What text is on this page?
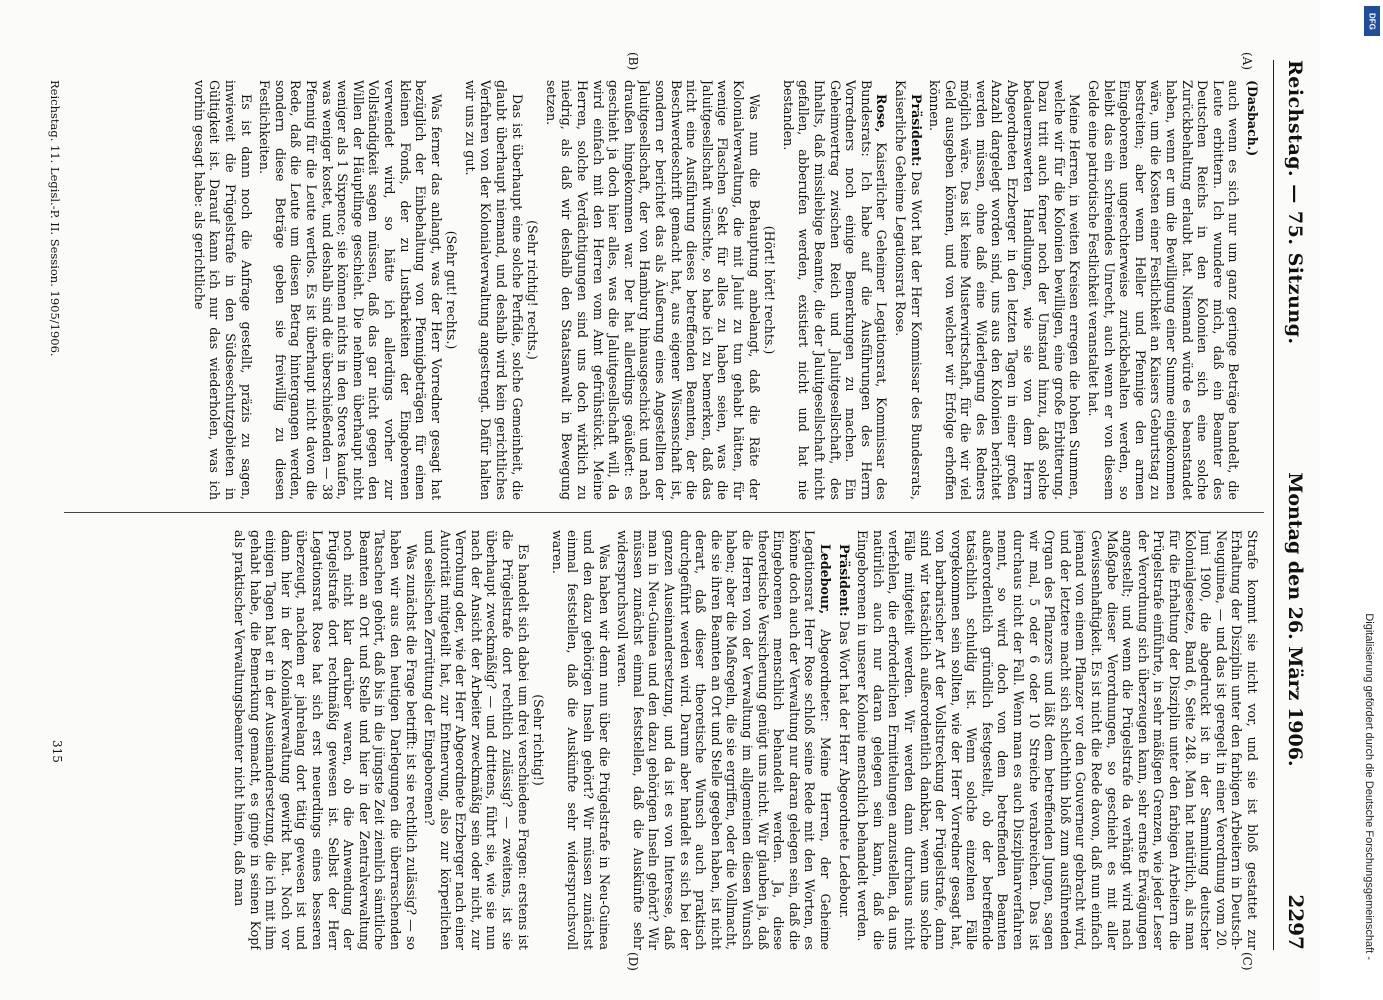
Reichstag. — 75. Sitzung.
Montag den 26. März 1906.
2297
(A)
(B)
(C)
(D)

(Dasbach.)

auch wenn es sich nur um ganz geringe Beträge handelt, die Leute erbittern. Ich wundere mich, daß ein Beamter des Deutschen Reichs in den Kolonien sich eine solche Zurückbehaltung erlaubt hat. Niemand würde es beanstandet haben, wenn er um die Bewilligung einer Summe eingekommen wäre, um die Kosten einer Festlichkeit an Kaisers Geburtstag zu bestreiten; aber wenn Heller und Pfennige den armen Eingeborenen ungerechterweise zurückbehalten werden, so bleibt das ein schreiendes Unrecht, auch wenn er von diesem Gelde eine patriotische Festlichkeit veranstaltet hat.

Meine Herren, in weiten Kreisen erregen die hohen Summen, welche wir für die Kolonien bewilligen, eine große Erbitterung. Dazu tritt auch ferner noch der Umstand hinzu, daß solche bedauernswerten Handlungen, wie sie von dem Herrn Abgeordneten Erzberger in den letzten Tagen in einer großen Anzahl dargelegt worden sind, uns aus den Kolonien berichtet werden müssen, ohne daß eine Widerlegung des Redners möglich wäre. Das ist keine Musterwirtschaft, für die wir viel Geld ausgeben können, und von welcher wir Erfolge erhoffen können.

Präsident: Das Wort hat der Herr Kommissar des Bundesrats, Kaiserliche Geheime Legationsrat Rose.

Rose, Kaiserlicher Geheimer Legationsrat, Kommissar des Bundesrats: Ich habe auf die Ausführungen des Herrn Vorredners noch einige Bemerkungen zu machen. Ein Geheimvertrag zwischen Reich und Jaluitgesellschaft, des Inhalts, daß missliebige Beamte, die der Jaluitgesellschaft nicht gefallen, abberufen werden, existiert nicht und hat nie bestanden.

(Hört! hört! rechts.)

Was nun die Behauptung anbelangt, daß die Räte der Kolonialverwaltung, die mit Jaluit zu tun gehabt hätten, für wenige Flaschen Sekt für alles zu haben seien, was die Jaluitgesellschaft wünschte, so habe ich zu bemerken, daß das nicht eine Ausführung dieses betreffenden Beamten, der die Beschwerdeschrift gemacht hat, aus eigener Wissenschaft ist, sondern er berichtet das als Äußerung eines Angestellten der Jaluitgesellschaft, der von Hamburg hinausgeschickt und nach draußen hingekommen war. Der hat allerdings geäußert: es geschieht ja doch hier alles, was die Jaluitgesellschaft will, da wird einfach mit den Herren vom Amt gefrühstückt. Meine Herren, solche Verdächtigungen sind uns doch wirklich zu niedrig, als daß wir deshalb den Staatsanwalt in Bewegung setzen.

(Sehr richtig! rechts.)

Das ist überhaupt eine solche Perfidie, solche Gemeinheit, die glaubt überhaupt niemand, und deshalb wird kein gerichtliches Verfahren von der Kolonialverwaltung angestrengt. Dafür halten wir uns zu gut.

(Sehr gut! rechts.)

Was ferner das anlangt, was der Herr Vorredner gesagt hat bezüglich der Einbehaltung von Pfennigbeträgen für einen kleinen Fonds, der zu Lustbarkeiten der Eingeborenen verwendet wird, so hätte ich allerdings vorher zur Vollständigkeit sagen müssen, daß das gar nicht gegen den Willen der Häuptlinge geschieht. Die nehmen überhaupt nicht weniger als 1 Sixpence; sie können nichts in den Stores kaufen, was weniger kostet, und deshalb sind die überschießenden — 38 Pfennig für die Leute wertlos. Es ist überhaupt nicht davon die Rede, daß die Leute um diesen Betrag hintergangen werden, sondern diese Beträge geben sie freiwillig zu diesen Festlichkeiten.

Es ist dann noch die Anfrage gestellt, präzis zu sagen, inwieweit die Prügelstrafe in den Südseeschutzgebieten in Gültigkeit ist. Darauf kann ich nur das wiederholen, was ich vorhin gesagt habe: als gerichtliche

Strafe kommt sie nicht vor, und sie ist bloß gestattet zur Erhaltung der Disziplin unter den farbigen Arbeitern in Deutsch-Neuguinea, — und das ist geregelt in einer Verordnung vom 20. Juni 1900, die abgedruckt ist in der Sammlung deutscher Kolonialgesetze, Band 6, Seite 248. Man hat natürlich, als man für die Erhaltung der Disziplin unter den farbigen Arbeitern die Prügelstrafe einführte, in sehr mäßigen Grenzen, wie jeder Leser der Verordnung sich überzeugen kann, sehr ernste Erwägungen angestellt; und wenn die Prügelstrafe da verhängt wird nach Maßgabe dieser Verordnungen, so geschieht es mit aller Gewissenhaftigkeit. Es ist nicht die Rede davon, daß nun einfach jemand von einem Pflanzer vor den Gouverneur gebracht wird, und der letztere macht sich schlechthin bloß zum ausführenden Organ des Pflanzers und läßt dem betreffenden Jungen, sagen wir mal, 5 oder 6 oder 10 Streiche verabreichen. Das ist durchaus nicht der Fall. Wenn man es auch Disziplinarverfahren nennt, so wird doch von dem betreffenden Beamten außerordentlich gründlich festgestellt, ob der betreffende tatsächlich schuldig ist. Wenn solche einzelnen Fälle vorgekommen sein sollten, wie der Herr Vorredner gesagt hat, von barbarischer Art der Vollstreckung der Prügelstrafe, dann sind wir tatsächlich außerordentlich dankbar, wenn uns solche Fälle mitgeteilt werden. Wir werden dann durchaus nicht verfehlen, die erforderlichen Ermittelungen anzustellen, da uns natürlich auch nur daran gelegen sein kann, daß die Eingeborenen in unserer Kolonie menschlich behandelt werden.

Präsident: Das Wort hat der Herr Abgeordnete Ledebour.

Ledebour, Abgeordneter: Meine Herren, der Geheime Legationsrat Herr Rose schloß seine Rede mit den Worten, es könne doch auch der Verwaltung nur daran gelegen sein, daß die Eingeborenen menschlich behandelt werden. Ja, diese theoretische Versicherung genügt uns nicht. Wir glauben ja, daß die Herren von der Verwaltung im allgemeinen diesen Wunsch haben; aber die Maßregeln, die sie ergriffen, oder die Vollmacht, die sie ihren Beamten an Ort und Stelle gegeben haben, ist nicht derart, daß dieser theoretische Wunsch auch praktisch durchgeführt werden wird. Darum aber handelt es sich bei der ganzen Auseinandersetzung, und da ist es von Interesse, daß man in Neu-Guinea und den dazu gehörigen Inseln gehört? Wir müssen zunächst einmal feststellen, daß die Auskünfte sehr widerspruchsvoll waren.

Was haben wir denn nun über die Prügelstrafe in Neu-Guinea und den dazu gehörigen Inseln gehört? Wir müssen zunächst einmal feststellen, daß die Auskünfte sehr widerspruchsvoll waren.

(Sehr richtig!)

Es handelt sich dabei um drei verschiedene Fragen: erstens ist die Prügelstrafe dort rechtlich zulässig? — zweitens, ist sie überhaupt zweckmäßig? — und drittens, führt sie, wie sie nun nach der Ansicht der Arbeiter zweckmäßig sein oder nicht, zur Verrohung oder, wie der Herr Abgeordnete Erzberger nach einer Autorität mitgeteilt hat, zur Entnervung, also zur körperlichen und seelischen Zerrüttung der Eingeborenen?

Was zunächst die Frage betrifft: ist sie rechtlich zulässig? — so haben wir aus den heutigen Darlegungen die überraschenden Tatsachen gehört, daß bis in die jüngste Zeit ziemlich sämtliche Beamten an Ort und Stelle und hier in der Zentralverwaltung noch nicht klar darüber waren, ob die Anwendung der Prügelstrafe dort rechtmäßig gewesen ist. Selbst der Herr Legationsrat Rose hat sich erst neuerdings eines besseren überzeugt, nachdem er jahrelang dort tätig gewesen ist und dann hier in der Kolonialverwaltung gewirkt hat. Noch vor einigen Tagen hat er in der Auseinandersetzung, die ich mit ihm gehabt habe, die Bemerkung gemacht, es ginge in seinen Kopf als praktischer Verwaltungsbeamter nicht hinein, daß man

Reichstag. 11. Legisl.-P. II. Session. 1905/1906.
315	Digitalisierung gefördert durch die Deutsche Forschungsgemeinschaft -
DFG
